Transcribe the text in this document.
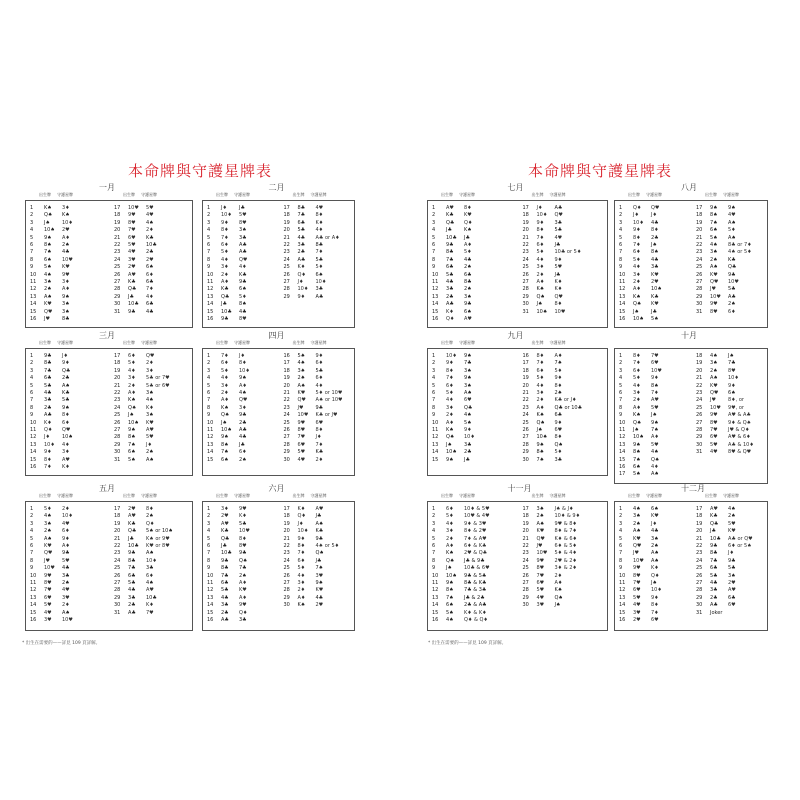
本命牌與守護星牌表
一月
出生牌 守護星牌	出生牌 守護星牌
1 K♠ 3♦
2 Q♠ K♠
3 J♠ 10♦
4 10♠ 2♥
5 9♠ A♦
6 8♠ 2♠
7 7♠ 4♣
8 6♠ 10♥
9 5♠ K♥
10 4♠ 9♥
11 3♠ 3♦
12 2♠ A♦
13 A♠ 9♠
14 K♥ 3♠
15 Q♥ 3♠
16 J♥ 8♣
17 10♥ 5♥
18 9♥ 4♥
19 8♥ 4♠
20 7♥ 2♦
21 6♥ K♣
22 5♥ 10♣
23 4♥ 2♣
24 3♥ 2♥
25 2♥ 6♠
26 A♥ 6♦
27 K♣ 6♣
28 Q♣ 7♦
29 J♣ 4♦
30 10♣ 6♣
31 9♣ 4♣
二月
出生牌 守護星牌	出生牌 守護星牌
1 J♦ J♣
2 10♦ 5♥
3 9♦ 8♥
4 8♦ 3♠
5 7♦ 3♣
6 6♦ A♣
7 5♦ A♣
8 4♦ Q♥
9 3♦ 4♦
10 2♦ K♣
11 A♦ 9♣
12 K♣ 6♠
13 Q♣ 5♦
14 J♣ 8♠
15 10♣ 4♣
16 9♣ 8♥
17 8♣ 4♥
18 7♣ 8♦
19 6♣ K♦
20 5♣ 4♦
21 4♣ A♣ or A♦
22 3♣ 8♣
23 2♣ 7♦
24 A♣ 5♣
25 K♦ 5♦
26 Q♦ 6♠
27 J♦ 10♦
28 10♦ 3♣
29 9♦ A♣
三月
出生牌 守護星牌	出生牌 守護星牌
1 9♣ J♦
2 8♣ 9♦
3 7♣ Q♣
4 6♣ 2♣
5 5♣ A♠
6 4♣ K♣
7 3♣ 5♣
8 2♣ 9♠
9 A♣ 8♦
10 K♦ 6♦
11 Q♦ Q♥
12 J♦ 10♠
13 10♦ 4♦
14 9♦ 3♦
15 8♦ A♥
16 7♦ K♦
17 6♦ Q♥
18 5♦ 2♦
19 4♦ 3♦
20 3♦ 5♣ or 7♥
21 2♦ 5♣ or 6♥
22 A♦ 3♠
23 K♠ 4♠
24 Q♠ K♦
25 J♠ 3♠
26 10♠ K♥
27 9♠ A♥
28 8♠ 5♥
29 7♠ J♦
30 6♠ 2♠
31 5♠ A♠
四月
出生牌 守護星牌	出生牌 守護星牌
1 7♦ J♦
2 6♦ 8♦
3 5♦ 10♦
4 4♦ 9♠
5 3♦ A♦
6 2♦ 4♠
7 A♦ Q♥
8 K♠ 3♦
9 Q♠ 9♣
10 J♠ 2♣
11 10♠ A♣
12 9♠ 4♣
13 8♠ J♣
14 7♠ 6♦
15 6♠ 2♠
16 5♠ 9♦
17 4♠ 6♦
18 3♠ 5♣
19 2♠ 6♦
20 A♠ 4♦
21 K♥ 5♦ or 10♥
22 Q♥ A♠ or 10♥
23 J♥ 9♣
24 10♥ K♣ or J♥
25 9♥ 6♥
26 8♥ 8♦
27 7♥ J♦
28 6♥ 7♦
29 5♥ K♣
30 4♥ 2♦
五月
出生牌 守護星牌	出生牌 守護星牌
1 5♦ 2♦
2 4♠ 10♦
3 3♠ 4♥
4 2♠ 6♦
5 A♠ 9♦
6 K♥ A♦
7 Q♥ 9♣
8 J♥ 5♥
9 10♥ 4♣
10 9♥ 3♣
11 8♥ 2♠
12 7♥ 4♥
13 6♥ 3♥
14 5♥ 2♦
15 4♥ A♠
16 3♥ 10♥
17 2♥ 8♦
18 A♥ 2♠
19 K♣ Q♦
20 Q♣ 5♠ or 10♠
21 J♣ K♠ or 9♥
22 10♣ K♥ or 8♥
23 9♣ A♠
24 8♣ 10♦
25 7♣ 3♣
26 6♣ 6♦
27 5♣ 4♠
28 4♣ A♥
29 3♣ 10♣
30 2♣ K♦
31 A♣ 7♥
六月
出生牌 守護星牌	出生牌 守護星牌
1 3♦ 9♥
2 2♥ K♦
3 A♥ 5♣
4 K♣ 10♥
5 Q♣ 8♦
6 J♣ 8♥
7 10♣ 9♣
8 9♣ Q♠
9 8♣ 7♣
10 7♣ 2♠
11 6♣ A♦
12 5♣ K♥
13 4♣ A♦
14 3♣ 9♥
15 2♣ Q♦
16 A♣ 3♣
17 K♦ A♥
18 Q♦ J♣
19 J♦ A♠
20 10♦ K♣
21 9♦ 9♣
22 8♦ 4♠ or 5♦
23 7♦ Q♠
24 6♦ J♣
25 5♦ 7♠
26 4♦ 3♥
27 3♦ 9♠
28 2♦ K♥
29 A♦ 4♣
30 K♠ 2♥
* 出生在需要的——詳見 109 頁詳解。
本命牌與守護星牌表
七月
出生牌 守護星牌	出生牌 守護星牌
1 A♥ 8♦
2 K♣ K♥
3 Q♣ Q♦
4 J♣ K♠
5 10♣ J♣
6 9♣ A♦
7 8♣ 5♦
8 7♣ 4♣
9 6♣ 2♠
10 5♣ 6♣
11 4♣ 8♣
12 3♣ 2♠
13 2♣ 3♠
14 A♣ 9♣
15 K♦ 6♠
16 Q♦ A♥
17 J♦ A♣
18 10♦ Q♥
19 9♦ 3♣
20 8♦ 5♣
21 7♦ 4♥
22 6♦ J♣
23 5♦ 10♣ or 5♦
24 4♦ 9♦
25 3♦ 5♥
26 2♦ J♣
27 A♦ K♦
28 K♠ K♦
29 Q♠ Q♥
30 J♠ 8♦
31 10♠ 10♥
八月
出生牌 守護星牌	出生牌 守護星牌
1 Q♦ Q♥
2 J♦ J♦
3 10♦ 4♣
4 9♦ 8♦
5 8♦ 2♣
6 7♦ J♠
7 6♦ 8♠
8 5♦ 4♣
9 4♦ 3♣
10 3♦ K♥
11 2♦ 2♥
12 A♦ 10♠
13 K♠ K♣
14 Q♠ K♥
15 J♠ J♣
16 10♠ 5♠
17 9♠ 9♠
18 8♠ 4♥
19 7♠ A♠
20 6♠ 5♦
21 5♠ A♠
22 4♠ 8♣ or 7♦
23 3♠ 4♠ or 5♦
24 2♠ K♣
25 A♠ Q♣
26 K♥ 9♣
27 Q♥ 10♥
28 J♥ 5♣
29 10♥ A♣
30 9♥ 2♠
31 8♥ 6♦
九月
出生牌 守護星牌	出生牌 守護星牌
1 10♦ 9♠
2 9♦ 7♣
3 8♦ 3♠
4 7♦ 9♠
5 6♦ 3♠
6 5♦ A♠
7 4♦ 6♥
8 3♦ Q♣
9 2♦ 4♠
10 A♦ 5♠
11 K♠ 9♦
12 Q♠ 10♦
13 J♠ 3♣
14 10♠ 2♣
15 9♠ J♣
16 8♦ A♦
17 7♦ 7♠
18 6♦ 5♦
19 5♦ 9♦
20 4♦ 8♦
21 3♦ 2♠
22 2♦ K♣ or J♦
23 A♦ Q♣ or 10♣
24 K♠ 6♣
25 Q♠ 9♦
26 J♠ 6♥
27 10♠ 8♦
28 9♠ Q♠
29 8♠ 5♦
30 7♠ 3♣
十月
1 8♦ 7♥
2 7♦ 6♥
3 6♦ 10♥
4 5♦ 9♦
5 4♦ 8♠
6 3♦ 7♦
7 2♦ A♥
8 A♦ 5♥
9 K♠ J♠
10 Q♠ 9♠
11 J♠ 7♠
12 10♠ A♦
13 9♠ 5♥
14 8♠ 4♠
15 7♠ Q♠
16 6♠ 4♦
17 5♠ A♠
18 4♠ J♠
19 3♠ 7♣
20 2♠ 8♥
21 A♠ 10♦
22 K♥ 9♦
23 Q♥ 6♠
24 J♥ 8♦, or
25 10♥ 9♥, or
26 9♥ A♥ & A♣
27 8♥ 9♦ & Q♠
28 7♥ J♥ & Q♦
29 6♥ A♥ & 6♦
30 5♥ A♣ & 10♦
31 4♥ 8♥ & Q♥
十一月
出生牌 守護星牌	出生牌 守護星牌
1 6♦ 10♦ & 5♥
2 5♦ 10♥ & 4♥
3 4♦ 9♦ & 3♥
4 3♦ 8♦ & 2♥
5 2♦ 7♦ & A♥
6 A♦ 6♦ & K♣
7 K♠ 2♥ & Q♣
8 Q♠ J♣ & 9♣
9 J♠ 10♣ & 6♥
10 10♠ 9♣ & 5♣
11 9♠ 8♣ & K♣
12 8♠ 7♣ & 3♣
13 7♠ J♣ & 2♣
14 6♠ 2♣ & A♣
15 5♠ K♦ & K♦
16 4♠ Q♦ & Q♦
17 3♠ J♠ & J♦
18 2♠ 10♦ & 9♦
19 A♠ 9♥ & 8♦
20 K♥ 8♦ & 7♦
21 Q♥ K♦ & 6♦
22 J♥ 6♦ & 5♦
23 10♥ 5♦ & 4♦
24 9♥ 2♥ & 2♦
25 8♥ 3♦ & 2♦
26 7♥ 2♦
27 6♥ A♦
28 5♥ K♠
29 4♥ Q♠
30 3♥ J♠
十二月
出生牌 守護星牌	出生牌 守護星牌
1 4♠ 6♠
2 3♠ K♥
3 2♠ J♦
4 A♠ 4♣
5 K♥ 3♠
6 Q♥ 2♠
7 J♥ A♠
8 10♥ A♠
9 9♥ K♦
10 8♥ Q♦
11 7♥ J♠
12 6♥ 10♦
13 5♥ 9♦
14 4♥ 8♦
15 3♥ 7♦
16 2♥ 6♥
17 A♥ 4♠
18 K♣ 2♠
19 Q♣ 5♥
20 J♣ K♥
21 10♣ A♣ or Q♥
22 9♣ 6♦ or 5♠
23 8♣ J♦
24 7♣ 9♣
25 6♣ 5♣
26 5♣ 3♠
27 4♣ 2♥
28 3♣ A♥
29 2♣ 6♣
30 A♣ 6♥
31 Joker
* 出生在需要的——詳見 109 頁詳解。
